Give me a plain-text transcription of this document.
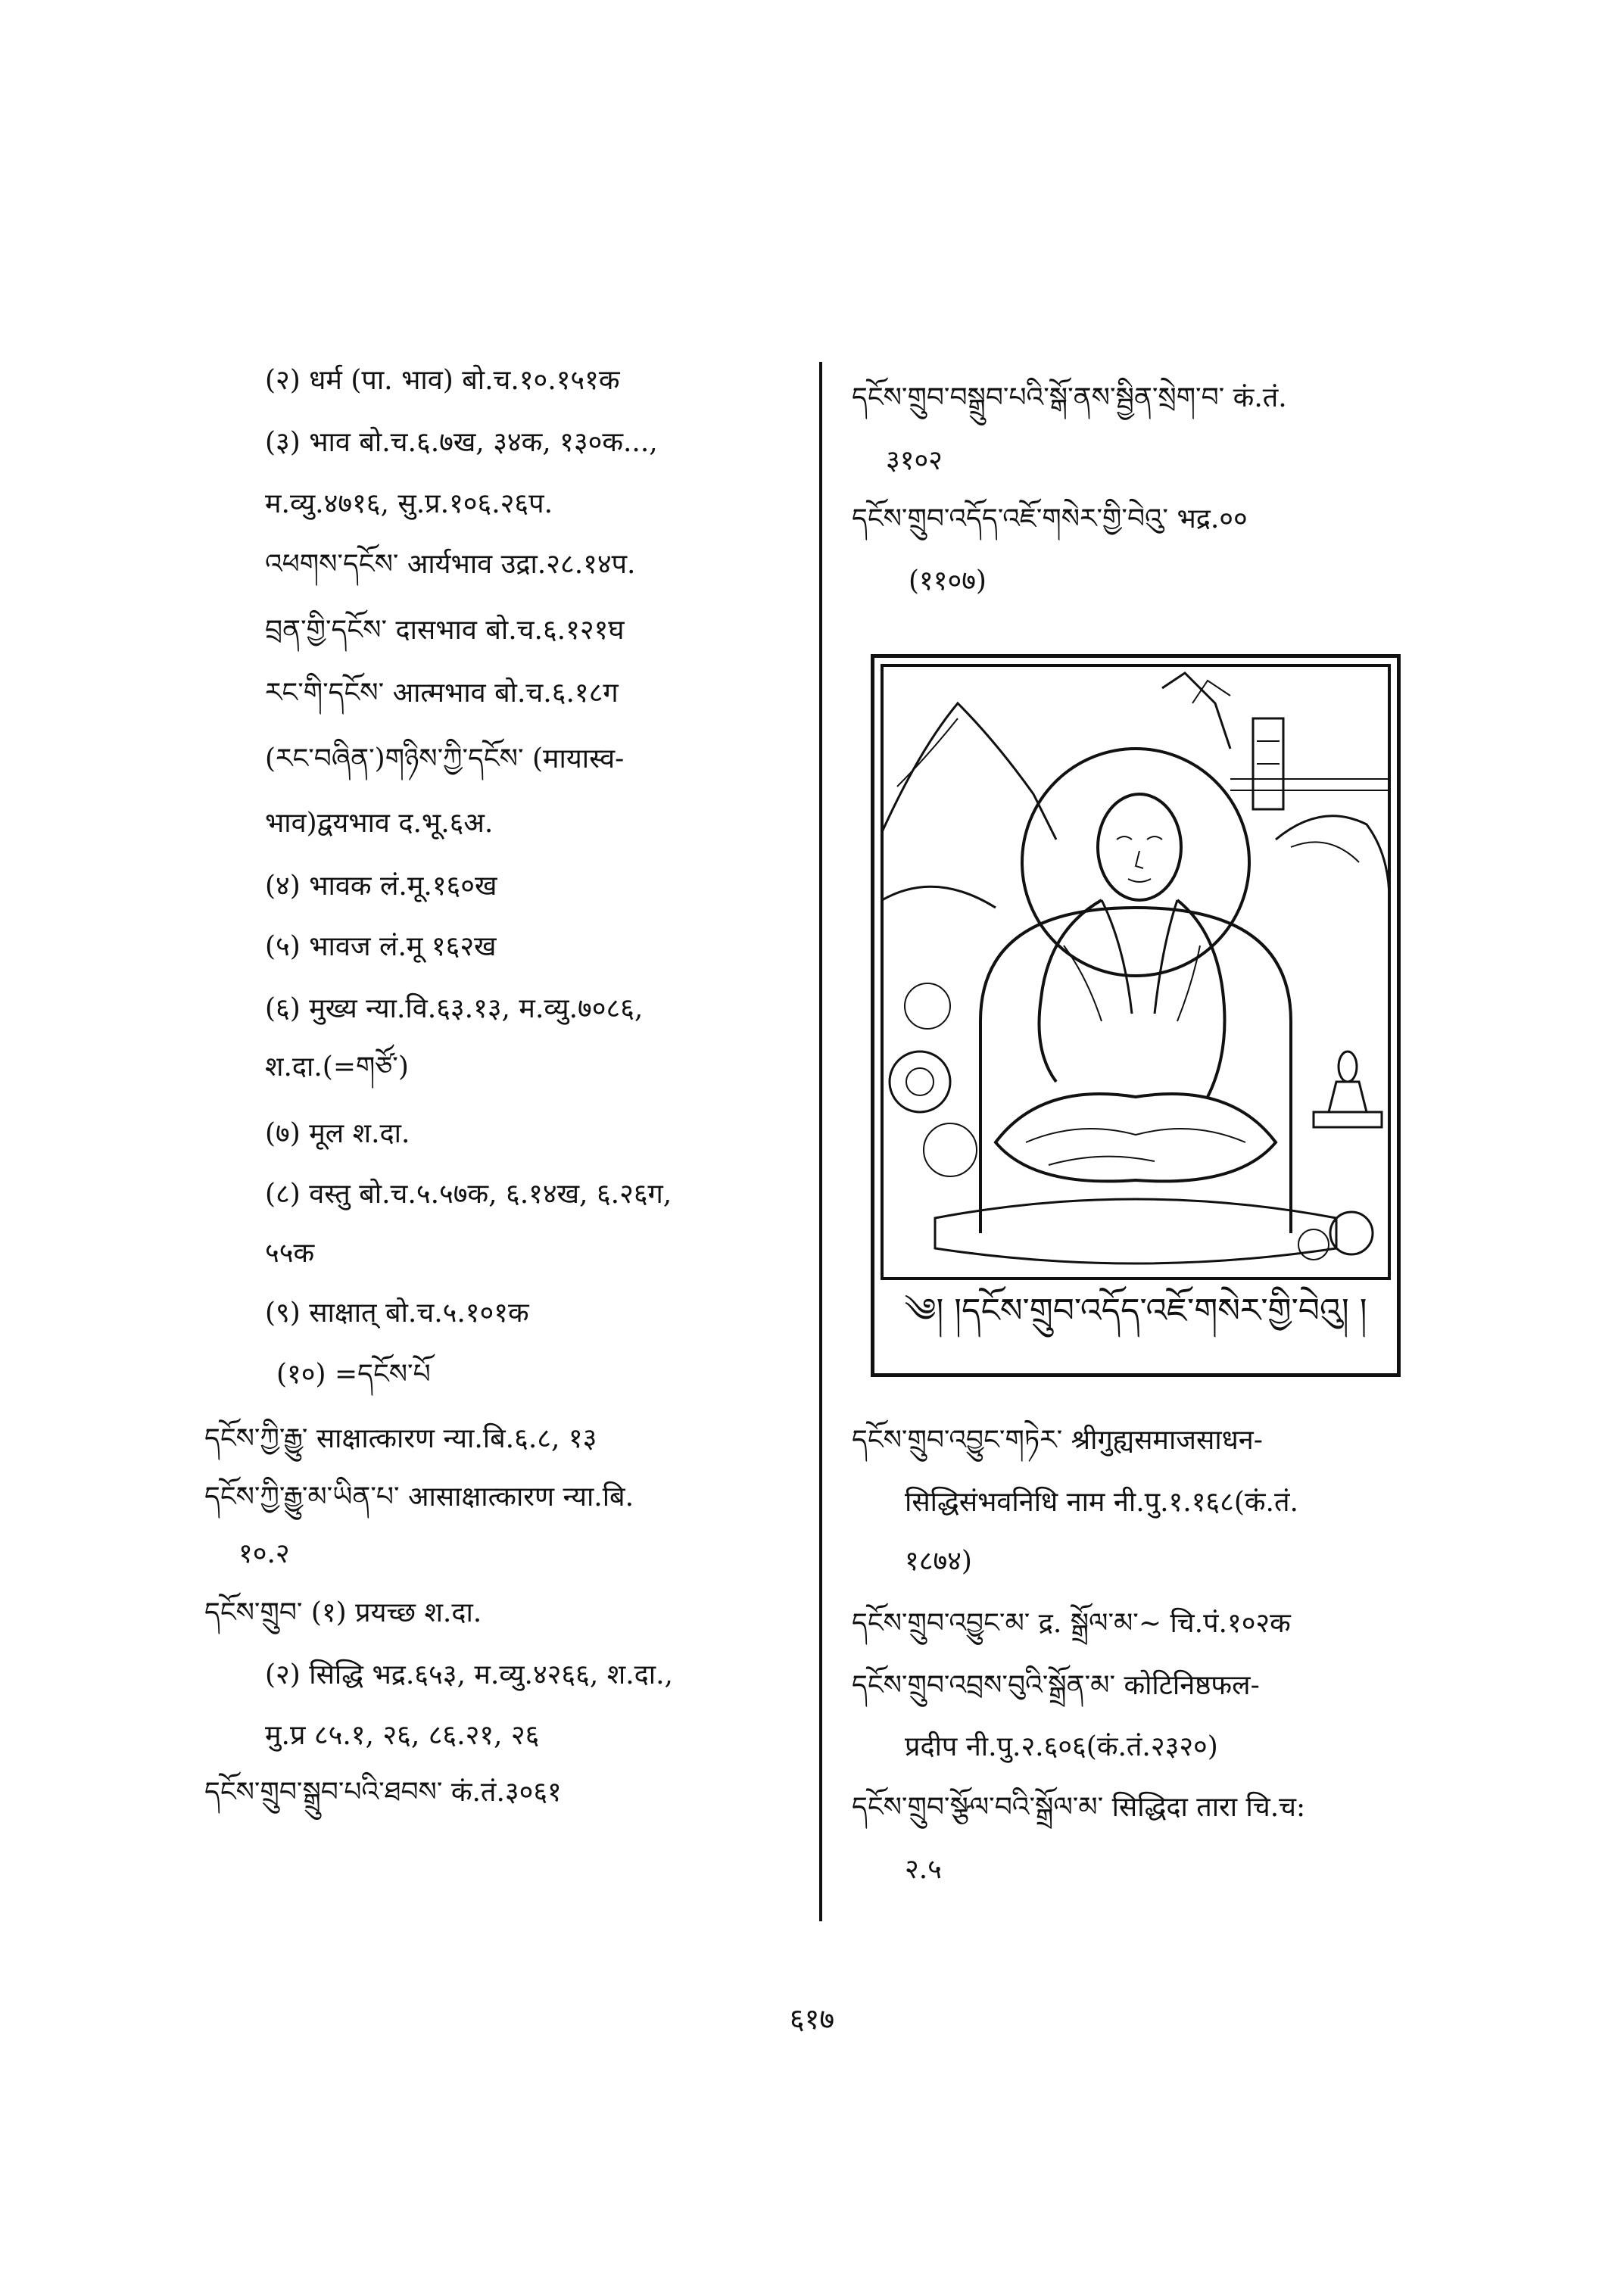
(२) धर्म (पा. भाव) बो.च.१०.१५१क
(३) भाव बो.च.६.७ख, ३४क, १३०क...,
म.व्यु.४७१६, सु.प्र.१०६.२६प.
འཕགས་དངོས་ आर्यभाव उद्रा.२८.१४प.
བྲན་གྱི་དངོས་ दासभाव बो.च.६.१२१घ
རང་གི་དངོས་ आत्मभाव बो.च.६.१८ग
(རང་བཞིན་)གཉིས་ཀྱི་དངོས་ (मायास्व-
भाव)द्वयभाव द.भू.६अ.
(४) भावक लं.मू.१६०ख
(५) भावज लं.मू १६२ख
(६) मुख्य न्या.वि.६३.१३, म.व्यु.७०८६,
श.दा.(=གཙོ་)
(७) मूल श.दा.
(८) वस्तु बो.च.५.५७क, ६.१४ख, ६.२६ग,
५५क
(९) साक्षात् बो.च.५.१०१क
(१०) =དངོས་པོ
དངོས་ཀྱི་རྒྱུ་ साक्षात्कारण न्या.बि.६.८, १३
དངོས་ཀྱི་རྒྱུ་མ་ཡིན་པ་ आसाक्षात्कारण न्या.बि.
१०.२
དངོས་གྲུབ་ (१) प्रयच्छ श.दा.
(२) सिद्धि भद्र.६५३, म.व्यु.४२६६, श.दा.,
मु.प्र ८५.१, २६, ८६.२१, २६
དངོས་གྲུབ་སྒྲུབ་པའི་ཐབས་ कं.तं.३०६१
དངོས་གྲུབ་བསྒྲུབ་པའི་སྒོ་ནས་སྦྱིན་སྲེག་བ་ कं.तं.
३१०२
དངོས་གྲུབ་འདོད་འཇོ་གསེར་གྱི་བེའུ་ भद्र.००
(११०७)
དངོས་གྲུབ་འབྱུང་གཏེར་ श्रीगुह्यसमाजसाधन-
सिद्धिसंभवनिधि नाम नी.पु.१.१६८(कं.तं.
१८७४)
དངོས་གྲུབ་འབྱུང་མ་ द्र. སྒྲོལ་མ་~ चि.पं.१०२क
དངོས་གྲུབ་འབྲས་བུའི་སྒྲོན་མ་ कोटिनिष्ठफल-
प्रदीप नी.पु.२.६०६(कं.तं.२३२०)
དངོས་གྲུབ་སྩོལ་བའི་སྒྲོལ་མ་ सिद्धिदा तारा चि.च:
२.५
༄། །དངོས་གྲུབ་འདོད་འཇོ་གསེར་གྱི་བེའུ། །
६१७
